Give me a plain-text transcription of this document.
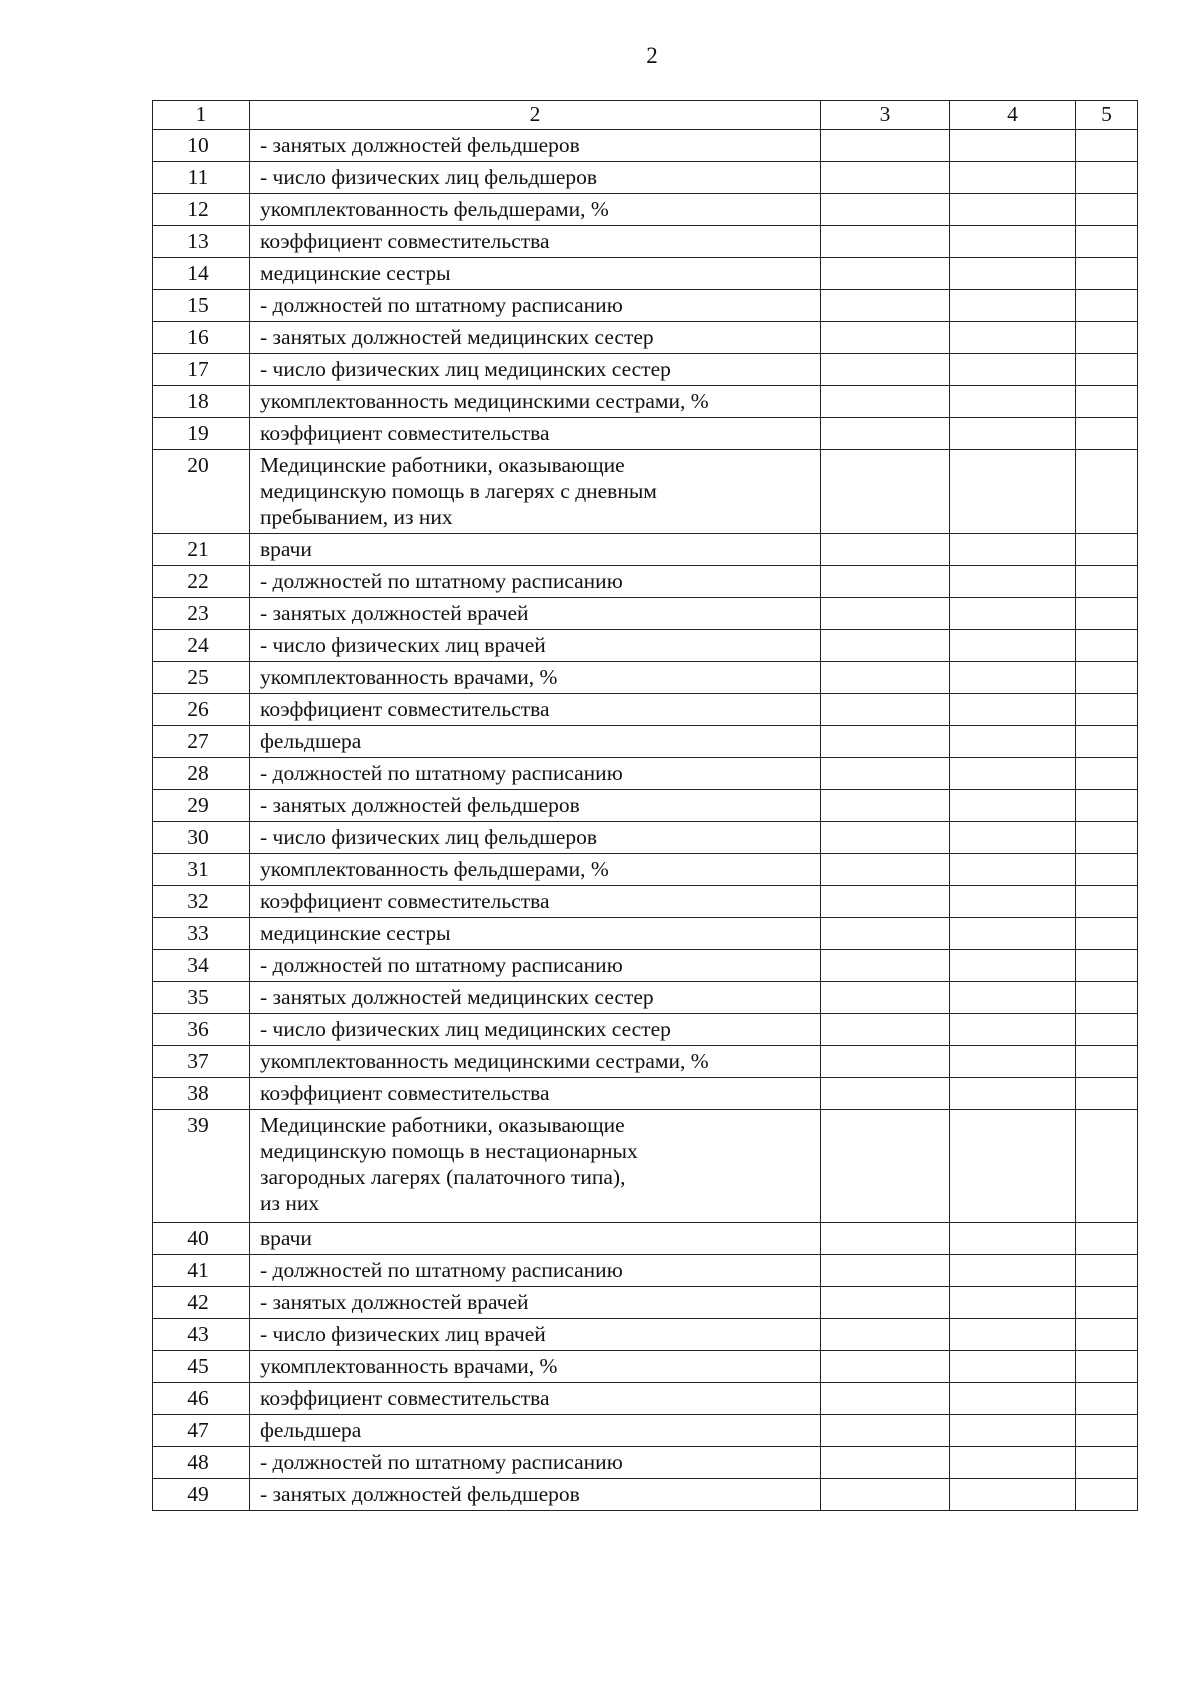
2
1	2	3	4	5
10	- занятых должностей фельдшеров			

11	- число физических лиц фельдшеров			

12	укомплектованность фельдшерами, %			

13	коэффициент совместительства			

14	медицинские сестры			

15	- должностей по штатному расписанию			

16	- занятых должностей медицинских сестер			

17	- число физических лиц медицинских сестер			

18	укомплектованность медицинскими сестрами, %			

19	коэффициент совместительства			

20	Медицинские работники, оказывающие
медицинскую помощь в лагерях с дневным
пребыванием, из них			

21	врачи			

22	- должностей по штатному расписанию			

23	- занятых должностей врачей			

24	- число физических лиц врачей			

25	укомплектованность врачами, %			

26	коэффициент совместительства			

27	фельдшера			

28	- должностей по штатному расписанию			

29	- занятых должностей фельдшеров			

30	- число физических лиц фельдшеров			

31	укомплектованность фельдшерами, %			

32	коэффициент совместительства			

33	медицинские сестры			

34	- должностей по штатному расписанию			

35	- занятых должностей медицинских сестер			

36	- число физических лиц медицинских сестер			

37	укомплектованность медицинскими сестрами, %			

38	коэффициент совместительства			

39	Медицинские работники, оказывающие
медицинскую помощь в нестационарных
загородных лагерях (палаточного типа),
из них			

40	врачи			

41	- должностей по штатному расписанию			

42	- занятых должностей врачей			

43	- число физических лиц врачей			

45	укомплектованность врачами, %			

46	коэффициент совместительства			

47	фельдшера			

48	- должностей по штатному расписанию			

49	- занятых должностей фельдшеров			
